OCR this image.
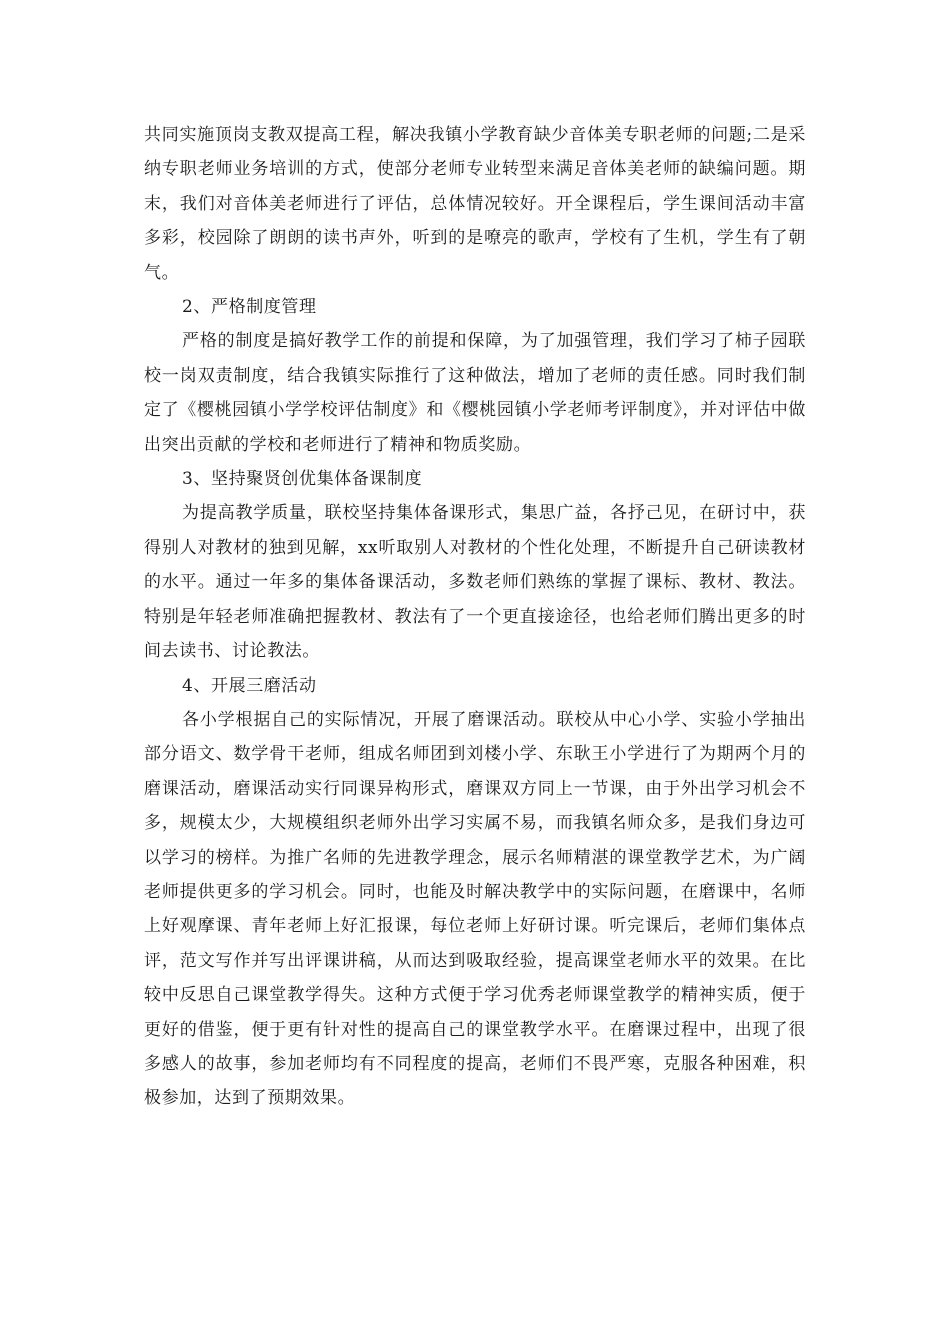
共同实施顶岗支教双提高工程，解决我镇小学教育缺少音体美专职老师的问题;二是采纳专职老师业务培训的方式，使部分老师专业转型来满足音体美老师的缺编问题。期末，我们对音体美老师进行了评估，总体情况较好。开全课程后，学生课间活动丰富多彩，校园除了朗朗的读书声外，听到的是嘹亮的歌声，学校有了生机，学生有了朝气。

2、严格制度管理

严格的制度是搞好教学工作的前提和保障，为了加强管理，我们学习了柿子园联校一岗双责制度，结合我镇实际推行了这种做法，增加了老师的责任感。同时我们制定了《樱桃园镇小学学校评估制度》和《樱桃园镇小学老师考评制度》，并对评估中做出突出贡献的学校和老师进行了精神和物质奖励。

3、坚持聚贤创优集体备课制度

为提高教学质量，联校坚持集体备课形式，集思广益，各抒己见，在研讨中，获得别人对教材的独到见解，xx听取别人对教材的个性化处理，不断提升自己研读教材的水平。通过一年多的集体备课活动，多数老师们熟练的掌握了课标、教材、教法。特别是年轻老师准确把握教材、教法有了一个更直接途径，也给老师们腾出更多的时间去读书、讨论教法。

4、开展三磨活动

各小学根据自己的实际情况，开展了磨课活动。联校从中心小学、实验小学抽出部分语文、数学骨干老师，组成名师团到刘楼小学、东耿王小学进行了为期两个月的磨课活动，磨课活动实行同课异构形式，磨课双方同上一节课，由于外出学习机会不多，规模太少，大规模组织老师外出学习实属不易，而我镇名师众多，是我们身边可以学习的榜样。为推广名师的先进教学理念，展示名师精湛的课堂教学艺术，为广阔老师提供更多的学习机会。同时，也能及时解决教学中的实际问题，在磨课中，名师上好观摩课、青年老师上好汇报课，每位老师上好研讨课。听完课后，老师们集体点评，范文写作并写出评课讲稿，从而达到吸取经验，提高课堂老师水平的效果。在比较中反思自己课堂教学得失。这种方式便于学习优秀老师课堂教学的精神实质，便于更好的借鉴，便于更有针对性的提高自己的课堂教学水平。在磨课过程中，出现了很多感人的故事，参加老师均有不同程度的提高，老师们不畏严寒，克服各种困难，积极参加，达到了预期效果。
